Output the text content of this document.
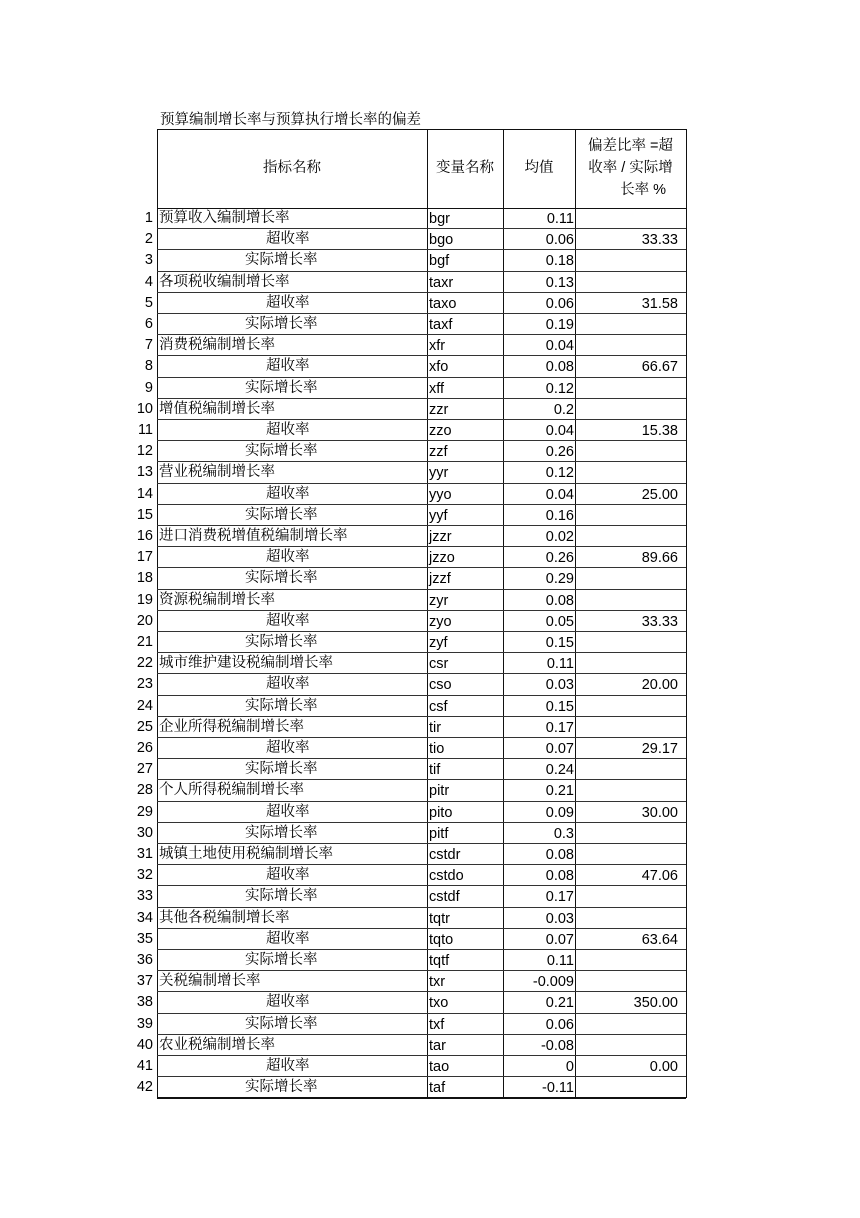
预算编制增长率与预算执行增长率的偏差
指标名称	变量名称	均值
偏差比率 =超
收率 / 实际增
长率 %
1 预算收入编制增长率	bgr	0.11
2	超收率	bgo	0.06	33.33
3	实际增长率	bgf	0.18
4 各项税收编制增长率	taxr	0.13
5	超收率	taxo	0.06	31.58
6	实际增长率	taxf	0.19
7 消费税编制增长率	xfr	0.04
8	超收率	xfo	0.08	66.67
9	实际增长率	xff	0.12
10 增值税编制增长率	zzr	0.2
11	超收率	zzo	0.04	15.38
12	实际增长率	zzf	0.26
13 营业税编制增长率	yyr	0.12
14	超收率	yyo	0.04	25.00
15	实际增长率	yyf	0.16
16 进口消费税增值税编制增长率	jzzr	0.02
17	超收率	jzzo	0.26	89.66
18	实际增长率	jzzf	0.29
19 资源税编制增长率	zyr	0.08
20	超收率	zyo	0.05	33.33
21	实际增长率	zyf	0.15
22 城市维护建设税编制增长率	csr	0.11
23	超收率	cso	0.03	20.00
24	实际增长率	csf	0.15
25 企业所得税编制增长率	tir	0.17
26	超收率	tio	0.07	29.17
27	实际增长率	tif	0.24
28 个人所得税编制增长率	pitr	0.21
29	超收率	pito	0.09	30.00
30	实际增长率	pitf	0.3
31 城镇土地使用税编制增长率	cstdr	0.08
32	超收率	cstdo	0.08	47.06
33	实际增长率	cstdf	0.17
34 其他各税编制增长率	tqtr	0.03
35	超收率	tqto	0.07	63.64
36	实际增长率	tqtf	0.11
37 关税编制增长率	txr	-0.009
38	超收率	txo	0.21	350.00
39	实际增长率	txf	0.06
40 农业税编制增长率	tar	-0.08
41	超收率	tao	0	0.00
42	实际增长率	taf	-0.11
